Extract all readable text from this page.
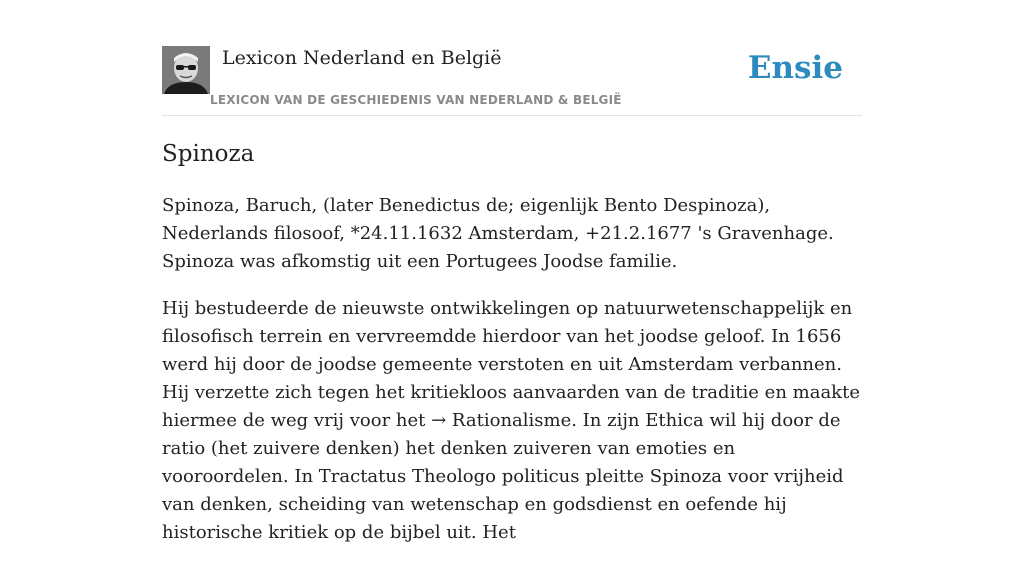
Lexicon Nederland en België
LEXICON VAN DE GESCHIEDENIS VAN NEDERLAND & BELGIË
Ensie
Spinoza

Spinoza, Baruch, (later Benedictus de; eigenlijk Bento Despinoza), Nederlands filosoof, *24.11.1632 Amsterdam, +21.2.1677 's Gravenhage. Spinoza was afkomstig uit een Portugees Joodse familie.

Hij bestudeerde de nieuwste ontwikkelingen op natuurwetenschappelijk en filosofisch terrein en vervreemdde hierdoor van het joodse geloof. In 1656 werd hij door de joodse gemeente verstoten en uit Amsterdam verbannen. Hij verzette zich tegen het kritiekloos aanvaarden van de traditie en maakte hiermee de weg vrij voor het → Rationalisme. In zijn Ethica wil hij door de ratio (het zuivere denken) het denken zuiveren van emoties en vooroordelen. In Tractatus Theologo politicus pleitte Spinoza voor vrijheid van denken, scheiding van wetenschap en godsdienst en oefende hij historische kritiek op de bijbel uit. Het
